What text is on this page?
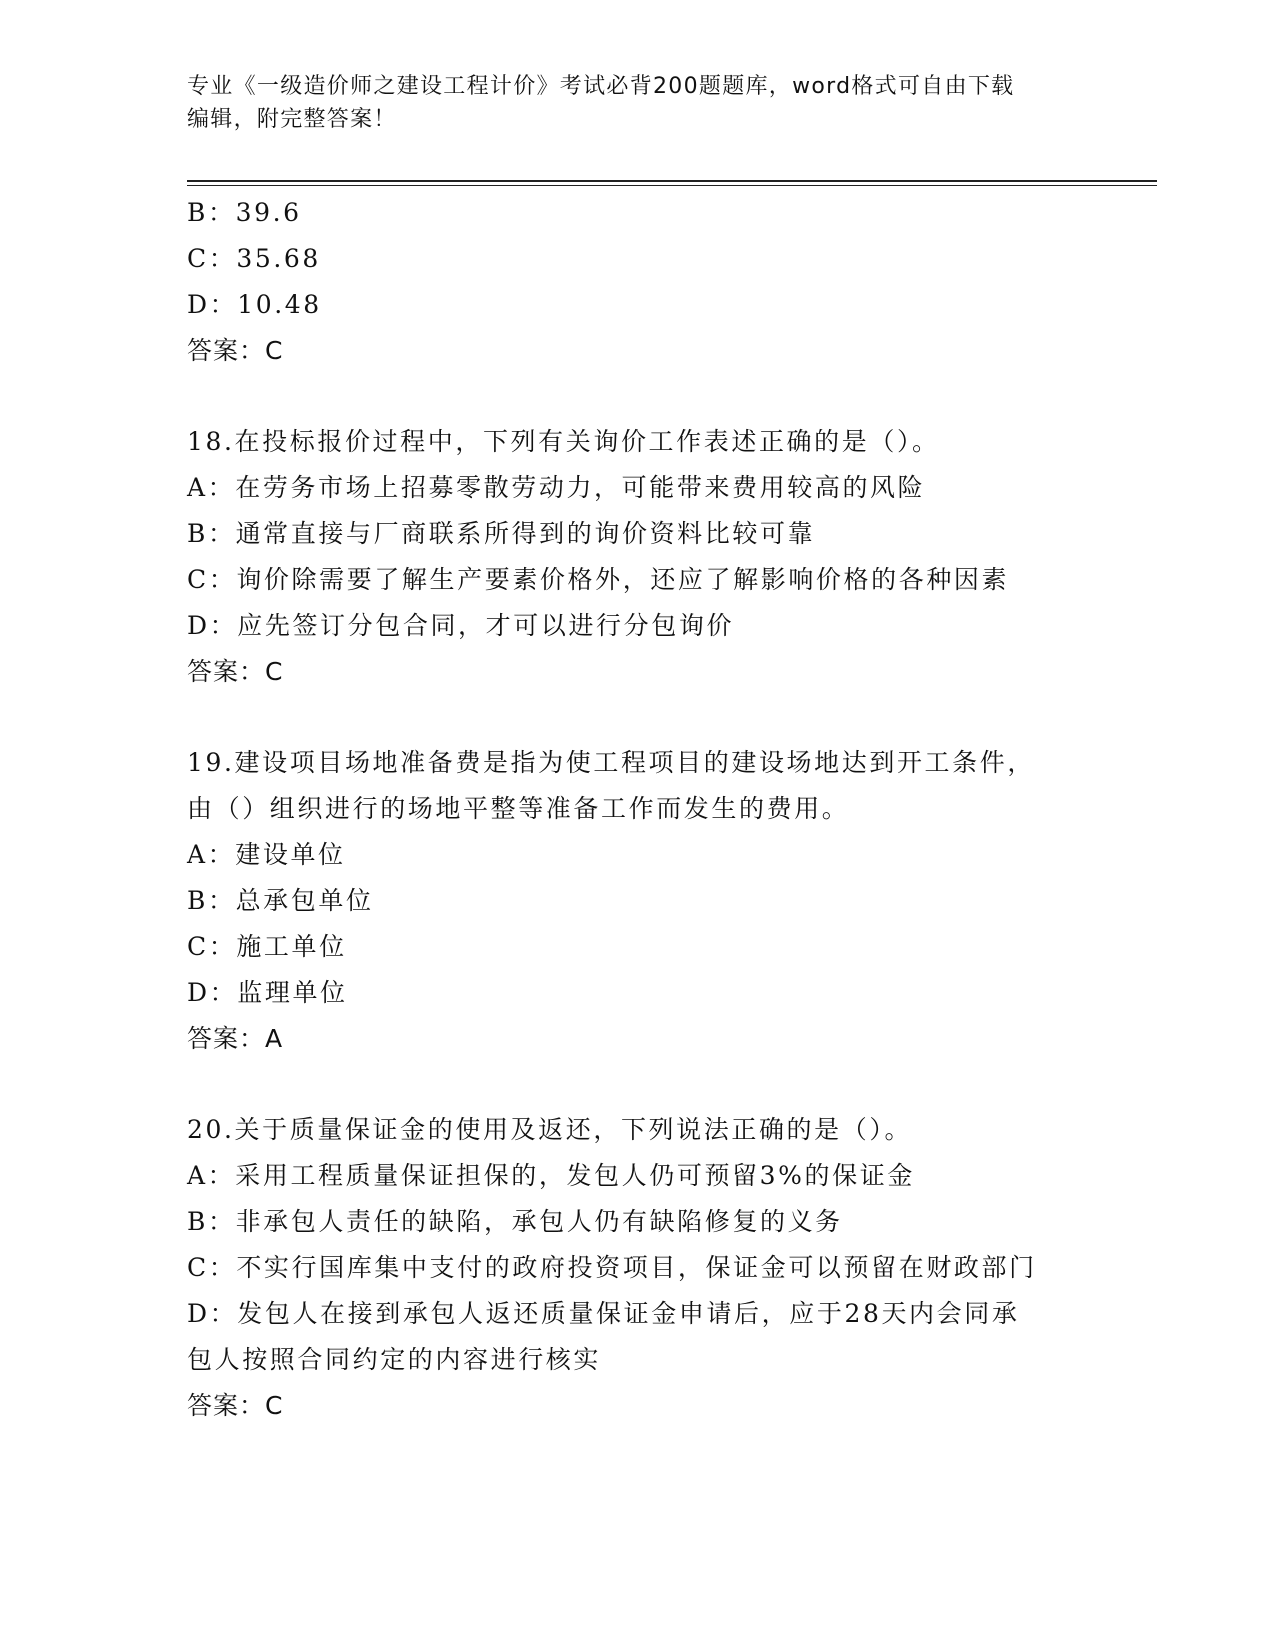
专业《一级造价师之建设工程计价》考试必背200题题库，word格式可自由下载
编辑，附完整答案！
B：39.6
C：35.68
D：10.48
答案：C
18.在投标报价过程中，下列有关询价工作表述正确的是（）。
A：在劳务市场上招募零散劳动力，可能带来费用较高的风险
B：通常直接与厂商联系所得到的询价资料比较可靠
C：询价除需要了解生产要素价格外，还应了解影响价格的各种因素
D：应先签订分包合同，才可以进行分包询价
答案：C
19.建设项目场地准备费是指为使工程项目的建设场地达到开工条件，
由（）组织进行的场地平整等准备工作而发生的费用。
A：建设单位
B：总承包单位
C：施工单位
D：监理单位
答案：A
20.关于质量保证金的使用及返还，下列说法正确的是（）。
A：采用工程质量保证担保的，发包人仍可预留3%的保证金
B：非承包人责任的缺陷，承包人仍有缺陷修复的义务
C：不实行国库集中支付的政府投资项目，保证金可以预留在财政部门
D：发包人在接到承包人返还质量保证金申请后，应于28天内会同承
包人按照合同约定的内容进行核实
答案：C
